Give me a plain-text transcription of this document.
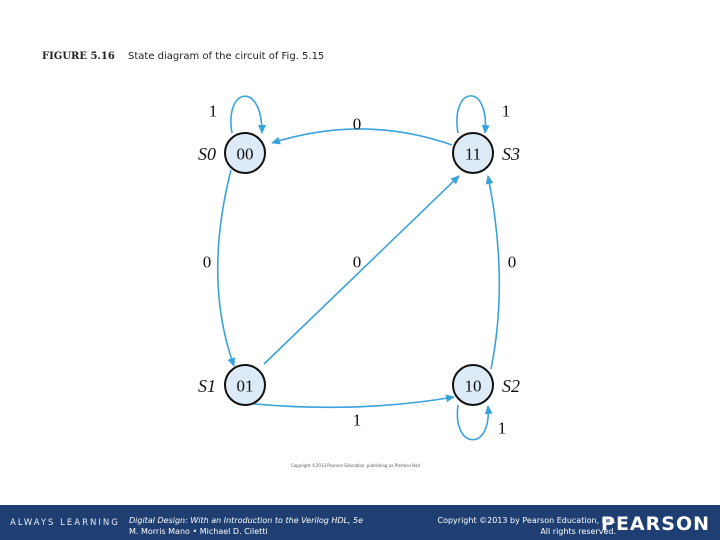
FIGURE 5.16 State diagram of the circuit of Fig. 5.15
00	11
01	10
S0	S3
S1	S2
1
0
1
0	0	0
1	1
Copyright ©2013 Pearson Education, publishing as Prentice Hall
ALWAYS LEARNING Digital Design: With an Introduction to the Verilog HDL, 5e
M. Morris Mano • Michael D. Ciletti
Copyright ©2013 by Pearson Education, Inc.
All rights reserved.
PEARSON
